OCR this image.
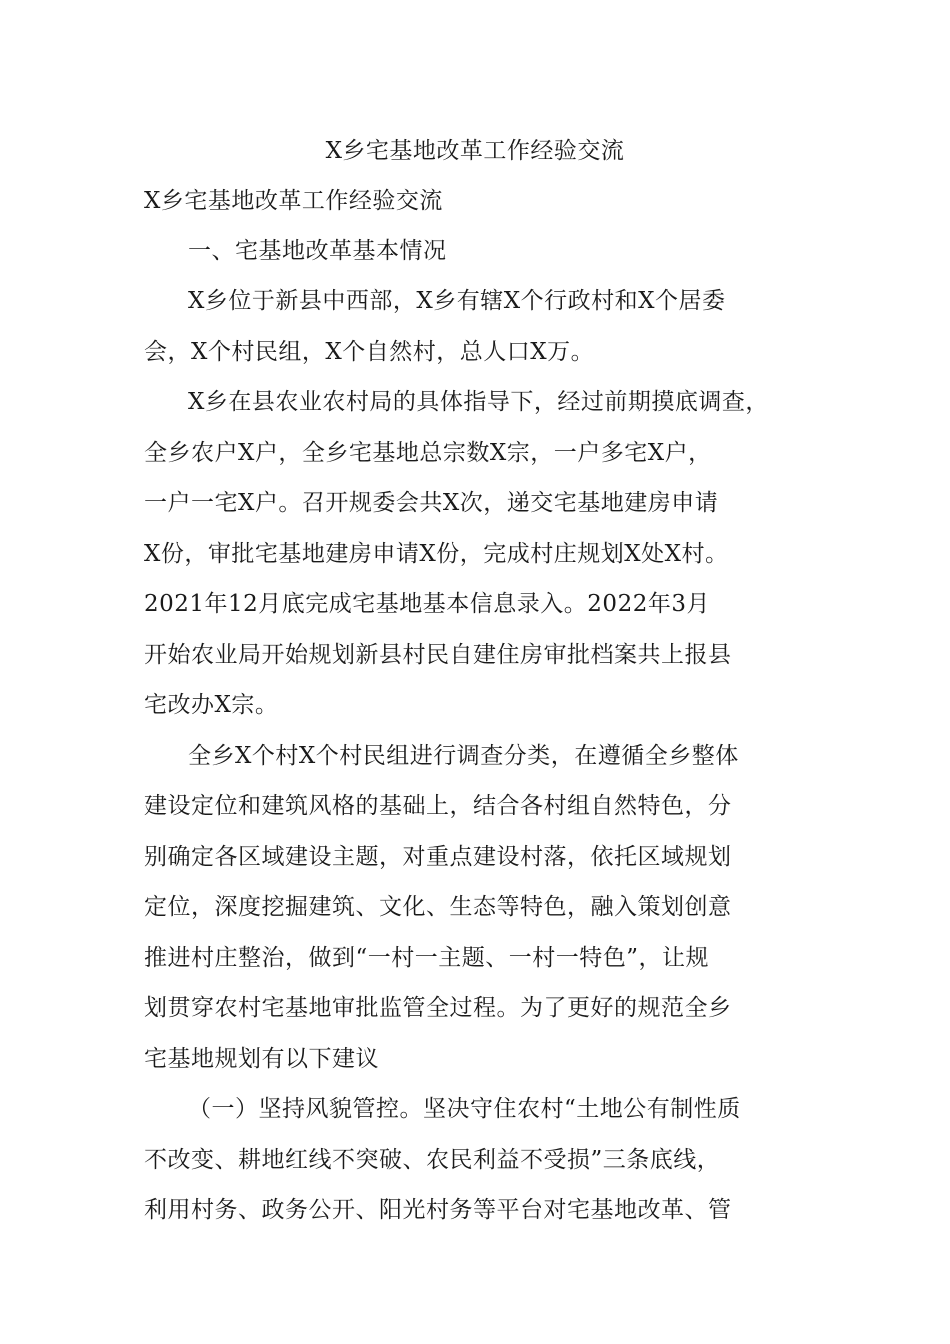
X乡宅基地改革工作经验交流

X乡宅基地改革工作经验交流

一、宅基地改革基本情况

X乡位于新县中西部，X乡有辖X个行政村和X个居委
会，X个村民组，X个自然村，总人口X万。

X乡在县农业农村局的具体指导下，经过前期摸底调查，
全乡农户X户，全乡宅基地总宗数X宗，一户多宅X户，
一户一宅X户。召开规委会共X次，递交宅基地建房申请
X份，审批宅基地建房申请X份，完成村庄规划X处X村。
2021年12月底完成宅基地基本信息录入。2022年3月
开始农业局开始规划新县村民自建住房审批档案共上报县
宅改办X宗。

全乡X个村X个村民组进行调查分类，在遵循全乡整体
建设定位和建筑风格的基础上，结合各村组自然特色，分
别确定各区域建设主题，对重点建设村落，依托区域规划
定位，深度挖掘建筑、文化、生态等特色，融入策划创意
推进村庄整治，做到“一村一主题、一村一特色”，让规
划贯穿农村宅基地审批监管全过程。为了更好的规范全乡
宅基地规划有以下建议

（一）坚持风貌管控。坚决守住农村“土地公有制性质
不改变、耕地红线不突破、农民利益不受损”三条底线，
利用村务、政务公开、阳光村务等平台对宅基地改革、管
